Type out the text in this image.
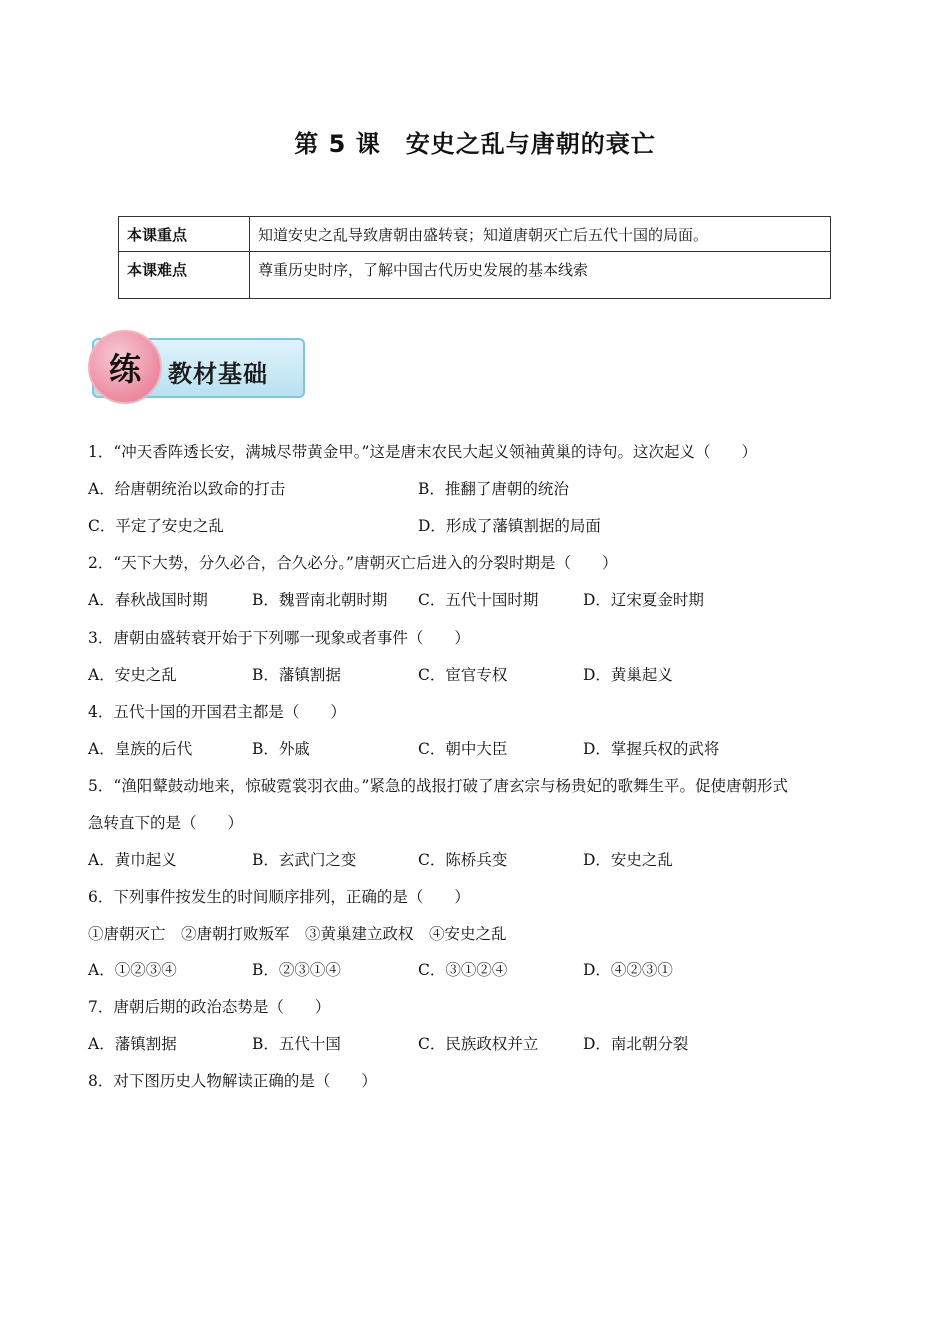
第 5 课　安史之乱与唐朝的衰亡
本课重点	知道安史之乱导致唐朝由盛转衰；知道唐朝灭亡后五代十国的局面。
本课难点	尊重历史时序，了解中国古代历史发展的基本线索
练 教材基础
1．“冲天香阵透长安，满城尽带黄金甲。”这是唐末农民大起义领袖黄巢的诗句。这次起义（　　）
A．给唐朝统治以致命的打击	B．推翻了唐朝的统治
C．平定了安史之乱	D．形成了藩镇割据的局面
2．“天下大势，分久必合，合久必分。”唐朝灭亡后进入的分裂时期是（　　）
A．春秋战国时期	B．魏晋南北朝时期 C．五代十国时期	D．辽宋夏金时期
3．唐朝由盛转衰开始于下列哪一现象或者事件（　　）
A．安史之乱	B．藩镇割据	C．宦官专权	D．黄巢起义
4．五代十国的开国君主都是（　　）
A．皇族的后代	B．外戚	C．朝中大臣	D．掌握兵权的武将
5．“渔阳鼙鼓动地来，惊破霓裳羽衣曲。”紧急的战报打破了唐玄宗与杨贵妃的歌舞生平。促使唐朝形式
急转直下的是（　　）
A．黄巾起义	B．玄武门之变	C．陈桥兵变	D．安史之乱
6．下列事件按发生的时间顺序排列，正确的是（　　）
①唐朝灭亡　②唐朝打败叛军　③黄巢建立政权　④安史之乱
A．①②③④	B．②③①④	C．③①②④	D．④②③①
7．唐朝后期的政治态势是（　　）
A．藩镇割据	B．五代十国	C．民族政权并立	D．南北朝分裂
8．对下图历史人物解读正确的是（　　）
